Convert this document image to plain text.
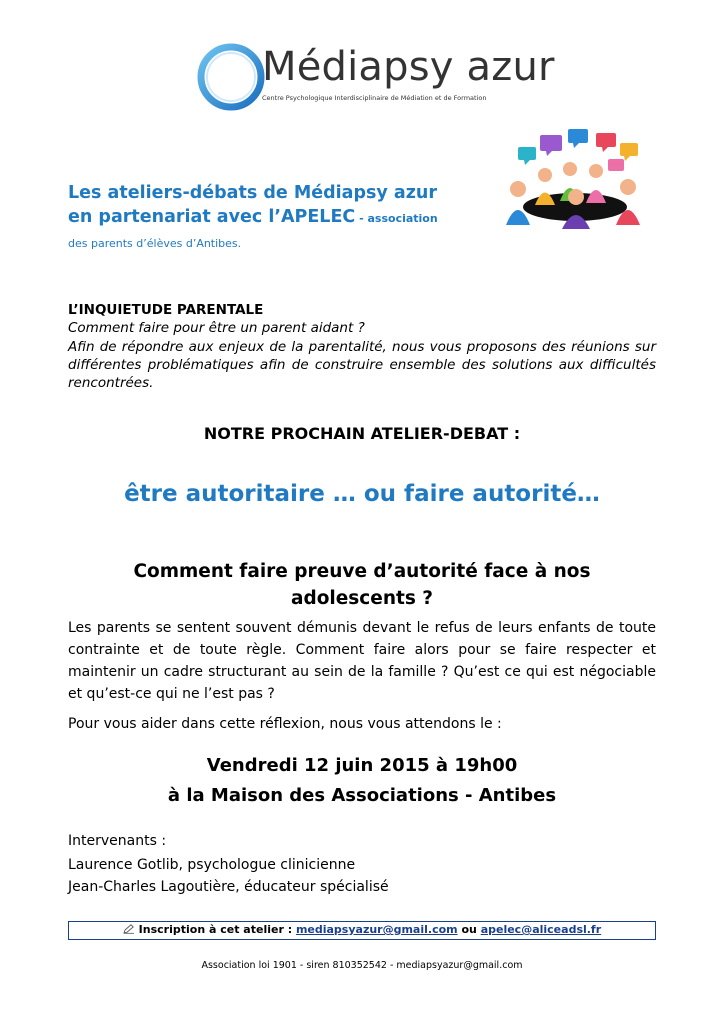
Médiapsy azur
Centre Psychologique Interdisciplinaire de Médiation et de Formation
Les ateliers-débats de Médiapsy azur
en partenariat avec l’APELEC - association
des parents d’élèves d’Antibes.
L’INQUIETUDE PARENTALE
Comment faire pour être un parent aidant ?
Afin de répondre aux enjeux de la parentalité, nous vous proposons des réunions sur différentes problématiques afin de construire ensemble des solutions aux difficultés rencontrées.
NOTRE PROCHAIN ATELIER-DEBAT :
être autoritaire … ou faire autorité…
Comment faire preuve d’autorité face à nos adolescents ?
Les parents se sentent souvent démunis devant le refus de leurs enfants de toute contrainte et de toute règle. Comment faire alors pour se faire respecter et maintenir un cadre structurant au sein de la famille ? Qu’est ce qui est négociable et qu’est-ce qui ne l’est pas ?
Pour vous aider dans cette réflexion, nous vous attendons le :
Vendredi 12 juin 2015 à 19h00
à la Maison des Associations - Antibes
Intervenants :
Laurence Gotlib, psychologue clinicienne
Jean-Charles Lagoutière, éducateur spécialisé
Inscription à cet atelier : mediapsyazur@gmail.com ou apelec@aliceadsl.fr
Association loi 1901 - siren 810352542 - mediapsyazur@gmail.com
